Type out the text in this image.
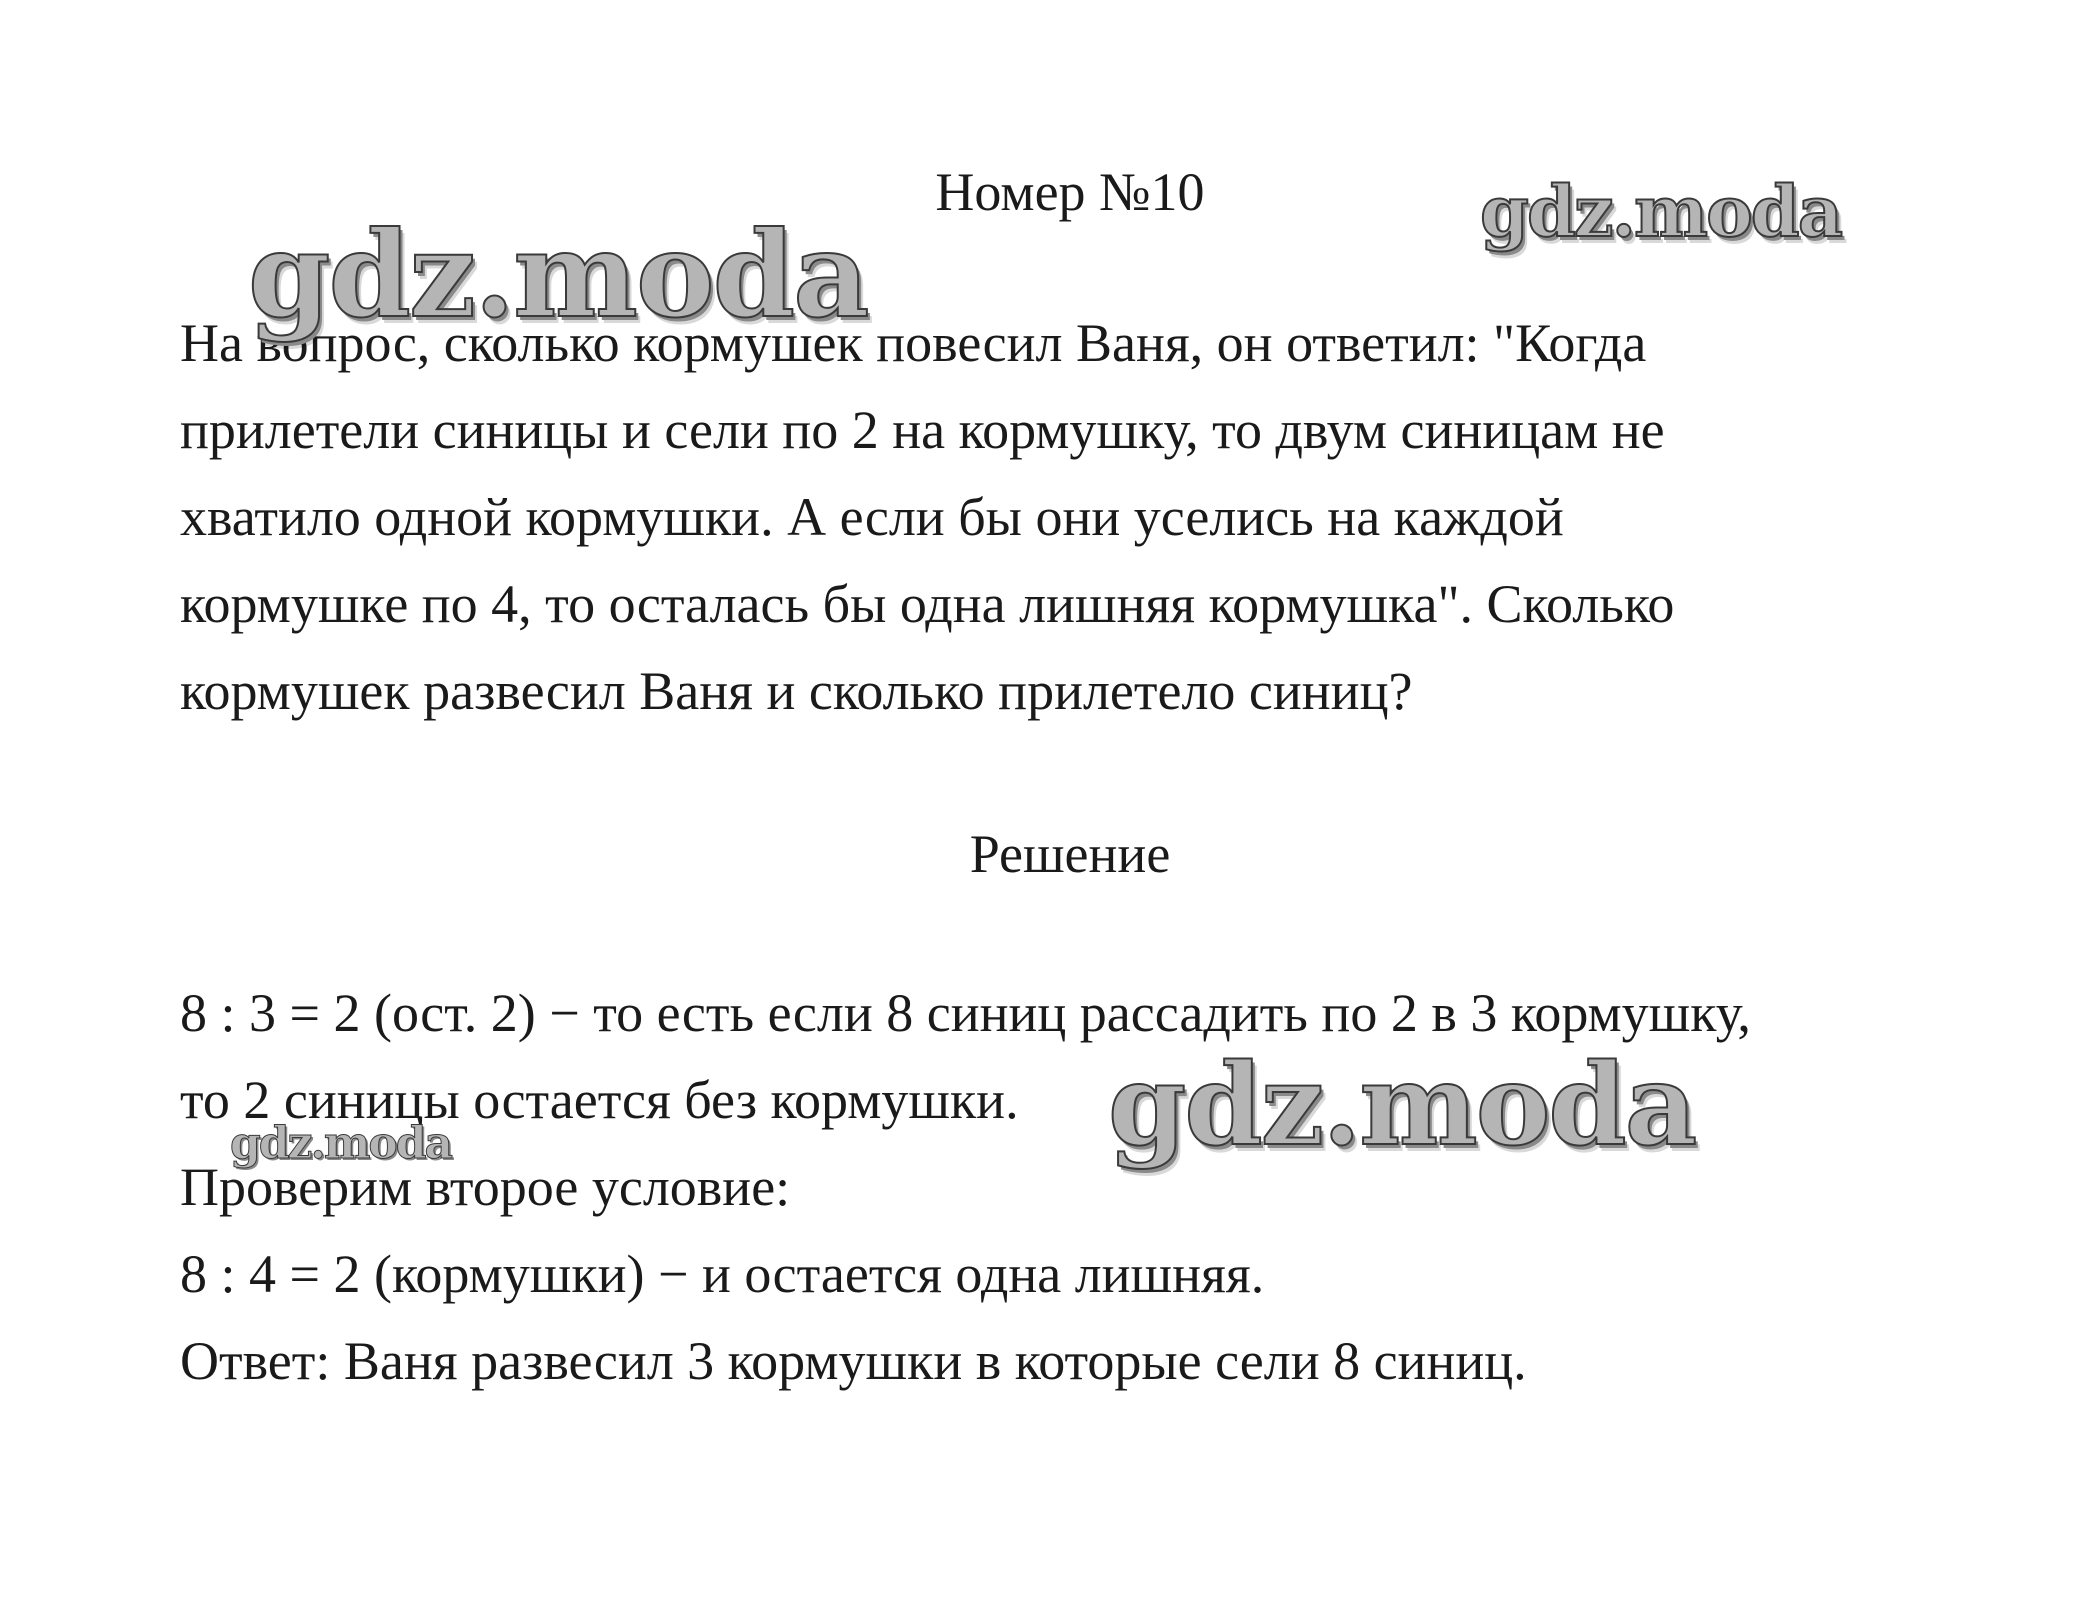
Номер №10
На вопрос, сколько кормушек повесил Ваня, он ответил: "Когда
прилетели синицы и сели по 2 на кормушку, то двум синицам не
хватило одной кормушки. А если бы они уселись на каждой
кормушке по 4, то осталась бы одна лишняя кормушка". Сколько
кормушек развесил Ваня и сколько прилетело синиц?
Решение
8 : 3 = 2 (ост. 2) − то есть если 8 синиц рассадить по 2 в 3 кормушку,
то 2 синицы остается без кормушки.
Проверим второе условие:
8 : 4 = 2 (кормушки) − и остается одна лишняя.
Ответ: Ваня развесил 3 кормушки в которые сели 8 синиц.
gdz.moda	gdz.moda
gdz.moda
gdz.moda
